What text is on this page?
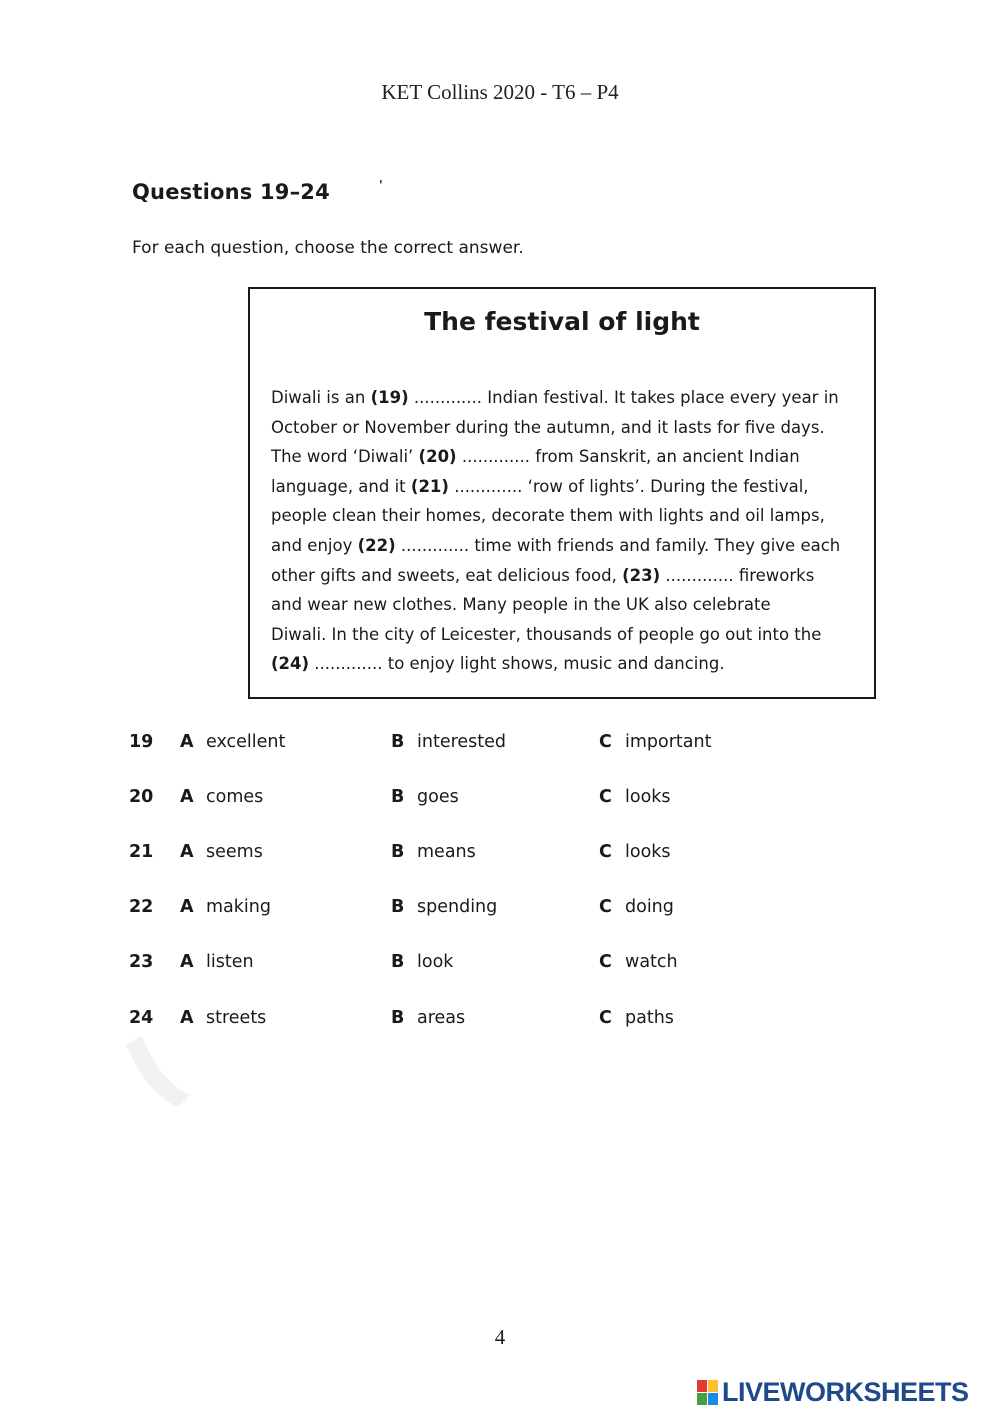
KET Collins 2020 - T6 – P4
Questions 19–24	'
For each question, choose the correct answer.
The festival of light
Diwali is an (19) ............. Indian festival. It takes place every year in
October or November during the autumn, and it lasts for five days.
The word ‘Diwali’ (20) ............. from Sanskrit, an ancient Indian
language, and it (21) ............. ‘row of lights’. During the festival,
people clean their homes, decorate them with lights and oil lamps,
and enjoy (22) ............. time with friends and family. They give each
other gifts and sweets, eat delicious food, (23) ............. fireworks
and wear new clothes. Many people in the UK also celebrate
Diwali. In the city of Leicester, thousands of people go out into the
(24) ............. to enjoy light shows, music and dancing.
19 A excellent	B interested	C important
20 A comes	B goes	C looks
21 A seems	B means	C looks
22 A making	B spending	C doing
23 A listen	B look	C watch
24 A streets	B areas	C paths
4
LIVEWORKSHEETS
